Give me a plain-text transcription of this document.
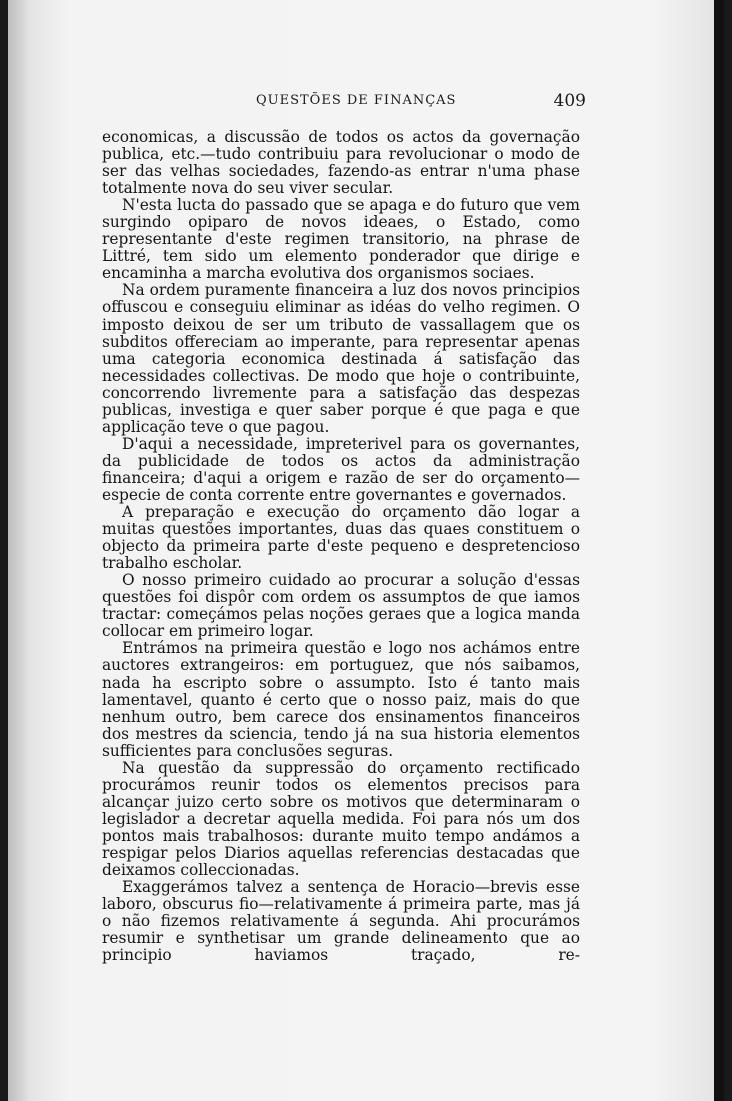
QUESTÕES DE FINANÇAS	409

economicas, a discussão de todos os actos da governação publica, etc.—tudo contribuiu para revolucionar o modo de ser das velhas sociedades, fazendo-as entrar n'uma phase totalmente nova do seu viver secular.

N'esta lucta do passado que se apaga e do futuro que vem surgindo opiparo de novos ideaes, o Estado, como representante d'este regimen transitorio, na phrase de Littré, tem sido um elemento ponderador que dirige e encaminha a marcha evolutiva dos organismos sociaes.

Na ordem puramente financeira a luz dos novos principios offuscou e conseguiu eliminar as idéas do velho regimen. O imposto deixou de ser um tributo de vassallagem que os subditos offereciam ao imperante, para representar apenas uma categoria economica destinada á satisfação das necessidades collectivas. De modo que hoje o contribuinte, concorrendo livremente para a satisfação das despezas publicas, investiga e quer saber porque é que paga e que applicação teve o que pagou.

D'aqui a necessidade, impreterivel para os governantes, da publicidade de todos os actos da administração financeira; d'aqui a origem e razão de ser do orçamento—especie de conta corrente entre governantes e governados.

A preparação e execução do orçamento dão logar a muitas questões importantes, duas das quaes constituem o objecto da primeira parte d'este pequeno e despretencioso trabalho escholar.

O nosso primeiro cuidado ao procurar a solução d'essas questões foi dispôr com ordem os assumptos de que iamos tractar: começámos pelas noções geraes que a logica manda collocar em primeiro logar.

Entrámos na primeira questão e logo nos achámos entre auctores extrangeiros: em portuguez, que nós saibamos, nada ha escripto sobre o assumpto. Isto é tanto mais lamentavel, quanto é certo que o nosso paiz, mais do que nenhum outro, bem carece dos ensinamentos financeiros dos mestres da sciencia, tendo já na sua historia elementos sufficientes para conclusões seguras.

Na questão da suppressão do orçamento rectificado procurámos reunir todos os elementos precisos para alcançar juizo certo sobre os motivos que determinaram o legislador a decretar aquella medida. Foi para nós um dos pontos mais trabalhosos: durante muito tempo andámos a respigar pelos Diarios aquellas referencias destacadas que deixamos colleccionadas.

Exaggerámos talvez a sentença de Horacio—brevis esse laboro, obscurus fio—relativamente á primeira parte, mas já o não fizemos relativamente á segunda. Ahi procurámos resumir e synthetisar um grande delineamento que ao principio haviamos traçado, re-
